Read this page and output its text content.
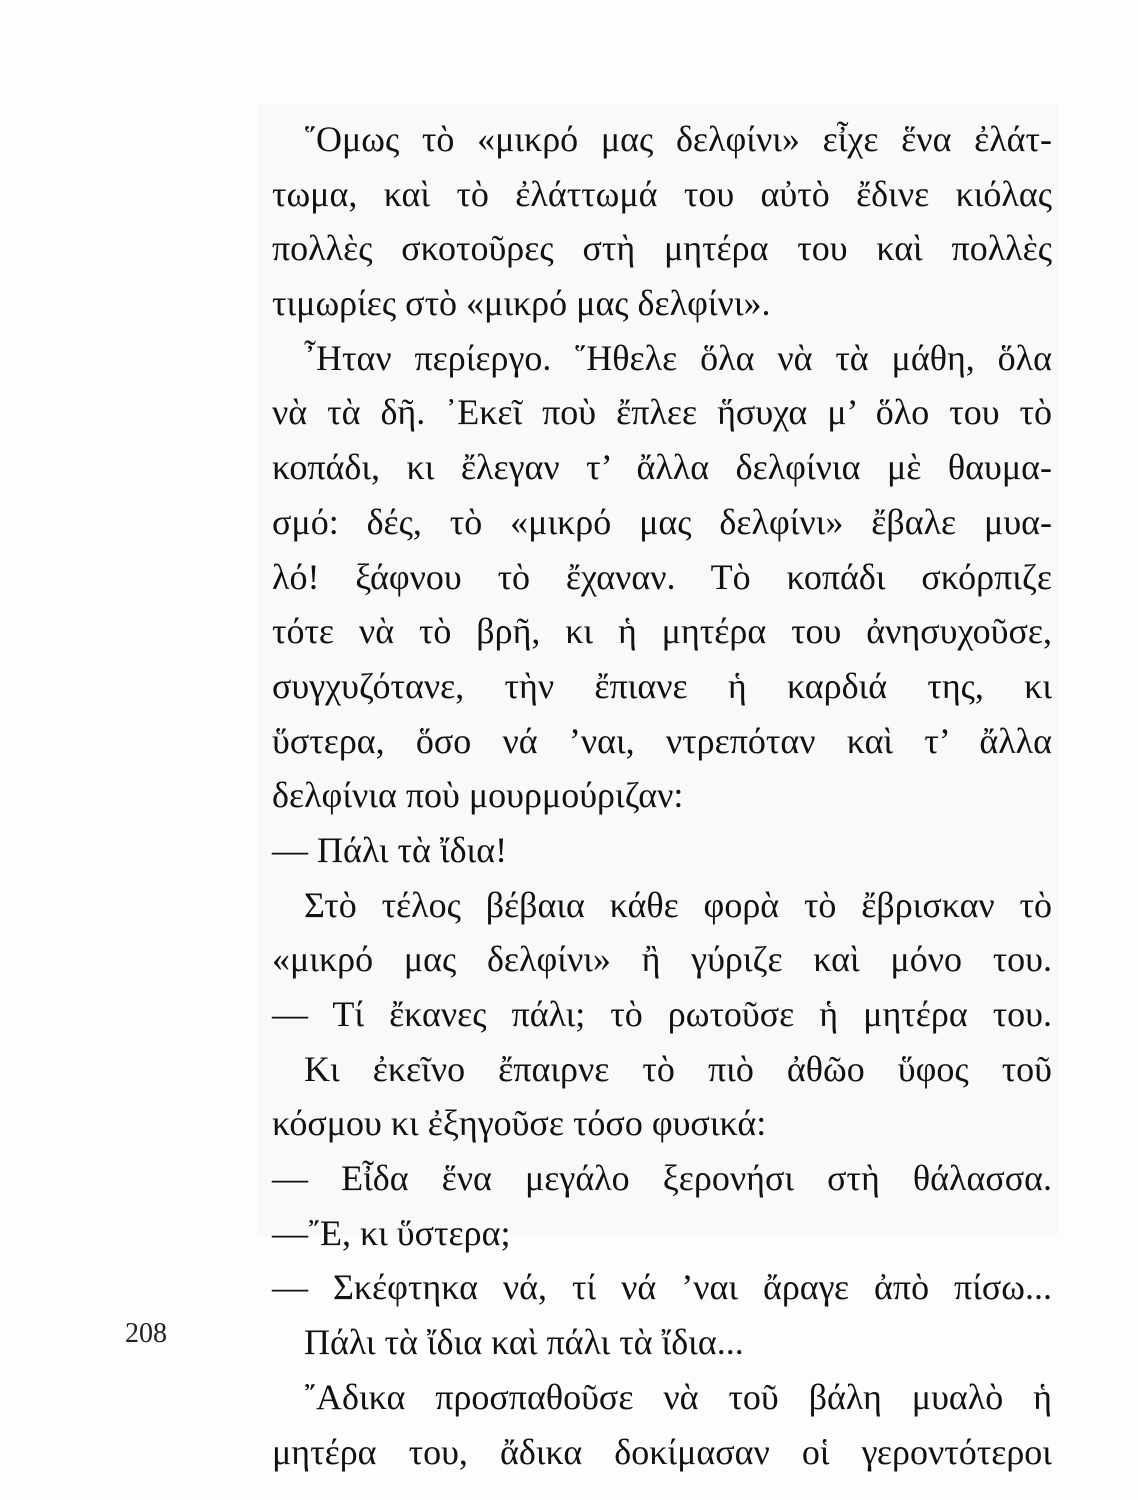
῞Ομως τὸ «μικρό μας δελφίνι» εἶχε ἕνα ἐλάτ-
τωμα, καὶ τὸ ἐλάττωμά του αὐτὸ ἔδινε κιόλας
πολλὲς σκοτοῦρες στὴ μητέρα του καὶ πολλὲς
τιμωρίες στὸ «μικρό μας δελφίνι».
῏Ηταν περίεργο. ῞Ηθελε ὅλα νὰ τὰ μάθη, ὅλα
νὰ τὰ δῆ. ᾿Εκεῖ ποὺ ἔπλεε ἥσυχα μ’ ὅλο του τὸ
κοπάδι, κι ἔλεγαν τ’ ἄλλα δελφίνια μὲ θαυμα-
σμό: δές, τὸ «μικρό μας δελφίνι» ἔβαλε μυα-
λό! ξάφνου τὸ ἔχαναν. Τὸ κοπάδι σκόρπιζε
τότε νὰ τὸ βρῆ, κι ἡ μητέρα του ἀνησυχοῦσε,
συγχυζότανε, τὴν ἔπιανε ἡ καρδιά της, κι
ὕστερα, ὅσο νά ’ναι, ντρεπόταν καὶ τ’ ἄλλα
δελφίνια ποὺ μουρμούριζαν:
— Πάλι τὰ ἴδια!
Στὸ τέλος βέβαια κάθε φορὰ τὸ ἔβρισκαν τὸ
«μικρό μας δελφίνι» ἢ γύριζε καὶ μόνο του.
— Τί ἔκανες πάλι; τὸ ρωτοῦσε ἡ μητέρα του.
Κι ἐκεῖνο ἔπαιρνε τὸ πιὸ ἀθῶο ὕφος τοῦ
κόσμου κι ἐξηγοῦσε τόσο φυσικά:
— Εἶδα ἕνα μεγάλο ξερονήσι στὴ θάλασσα.
—῎Ε, κι ὕστερα;
— Σκέφτηκα νά, τί νά ’ναι ἄραγε ἀπὸ πίσω...
Πάλι τὰ ἴδια καὶ πάλι τὰ ἴδια...
῎Αδικα προσπαθοῦσε νὰ τοῦ βάλη μυαλὸ ἡ
μητέρα του, ἄδικα δοκίμασαν οἱ γεροντότεροι
208
